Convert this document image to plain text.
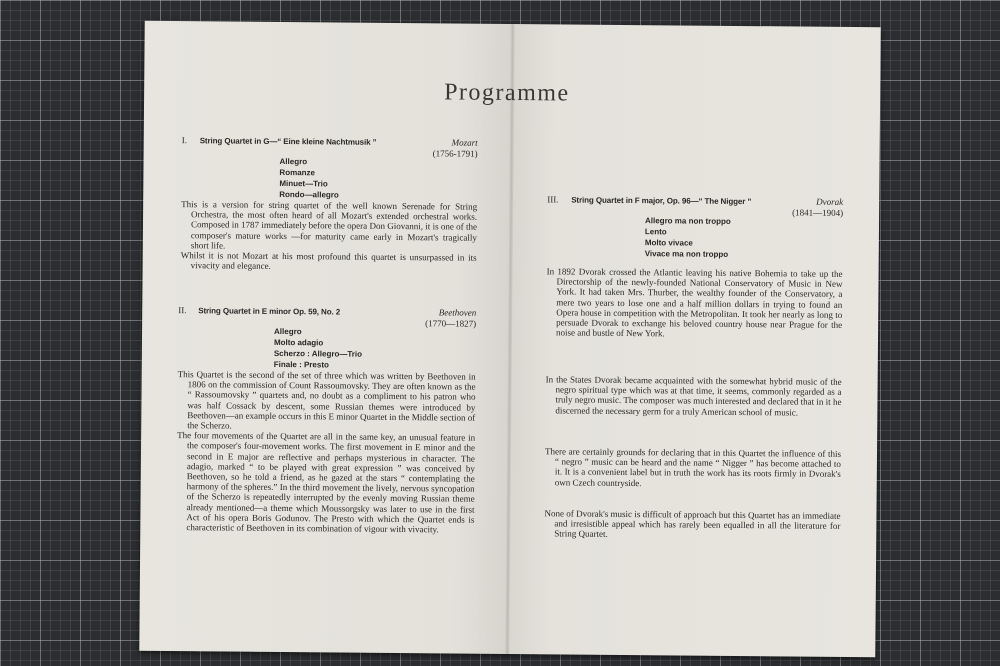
Programme
I. String Quartet in G—“ Eine kleine Nachtmusik ”	Mozart
(1756-1791)
Allegro
Romanze
Minuet—Trio
Rondo—allegro
This is a version for string quartet of the well known Serenade for String Orchestra, the most often heard of all Mozart's extended orchestral works. Composed in 1787 immediately before the opera Don Giovanni, it is one of the composer's mature works —for maturity came early in Mozart's tragically short life.
Whilst it is not Mozart at his most profound this quartet is unsurpassed in its vivacity and elegance.
II. String Quartet in E minor Op. 59, No. 2	Beethoven
(1770—1827)
Allegro
Molto adagio
Scherzo : Allegro—Trio
Finale : Presto
This Quartet is the second of the set of three which was written by Beethoven in 1806 on the commission of Count Rassoumovsky. They are often known as the “ Rassoumovsky ” quartets and, no doubt as a compliment to his patron who was half Cossack by descent, some Russian themes were introduced by Beethoven—an example occurs in this E minor Quartet in the Middle section of the Scherzo.
The four movements of the Quartet are all in the same key, an unusual feature in the composer's four-movement works. The first movement in E minor and the second in E major are reflective and perhaps mysterious in character. The adagio, marked “ to be played with great expression ” was conceived by Beethoven, so he told a friend, as he gazed at the stars “ contemplating the harmony of the spheres.” In the third movement the lively, nervous syncopation of the Scherzo is repeatedly interrupted by the evenly moving Russian theme already mentioned—a theme which Moussorgsky was later to use in the first Act of his opera Boris Godunov. The Presto with which the Quartet ends is characteristic of Beethoven in its combination of vigour with vivacity.
III. String Quartet in F major, Op. 96—“ The Nigger ”	Dvorak
(1841—1904)
Allegro ma non troppo
Lento
Molto vivace
Vivace ma non troppo
In 1892 Dvorak crossed the Atlantic leaving his native Bohemia to take up the Directorship of the newly-founded National Conservatory of Music in New York. It had taken Mrs. Thurber, the wealthy founder of the Conservatory, a mere two years to lose one and a half million dollars in trying to found an Opera house in competition with the Metropolitan. It took her nearly as long to persuade Dvorak to exchange his beloved country house near Prague for the noise and bustle of New York.
In the States Dvorak became acquainted with the somewhat hybrid music of the negro spiritual type which was at that time, it seems, commonly regarded as a truly negro music. The composer was much interested and declared that in it he discerned the necessary germ for a truly American school of music.
There are certainly grounds for declaring that in this Quartet the influence of this “ negro ” music can be heard and the name “ Nigger ” has become attached to it. It is a convenient label but in truth the work has its roots firmly in Dvorak's own Czech countryside.
None of Dvorak's music is difficult of approach but this Quartet has an immediate and irresistible appeal which has rarely been equalled in all the literature for String Quartet.
